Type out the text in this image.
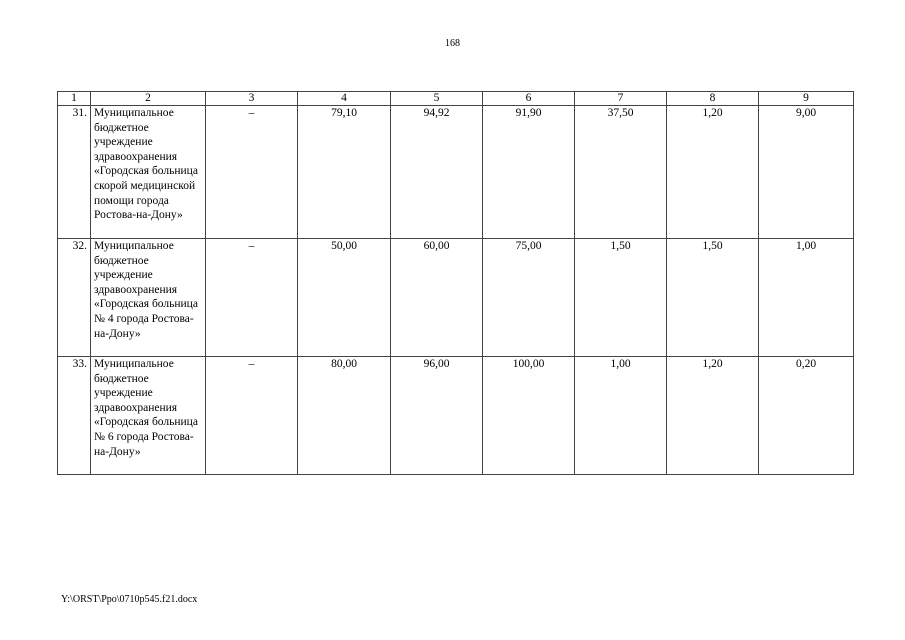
168
1	2	3	4	5	6	7	8	9
31.	Муниципальное бюджетное учреждение здравоохранения «Городская больница скорой медицинской помощи города Ростова-на-Дону»	–	79,10	94,92	91,90	37,50	1,20	9,00
32.	Муниципальное бюджетное учреждение здравоохранения «Городская больница № 4 города Ростова-на-Дону»	–	50,00	60,00	75,00	1,50	1,50	1,00
33.	Муниципальное бюджетное учреждение здравоохранения «Городская больница № 6 города Ростова-на-Дону»	–	80,00	96,00	100,00	1,00	1,20	0,20
Y:\ORST\Ppo\0710p545.f21.docx
